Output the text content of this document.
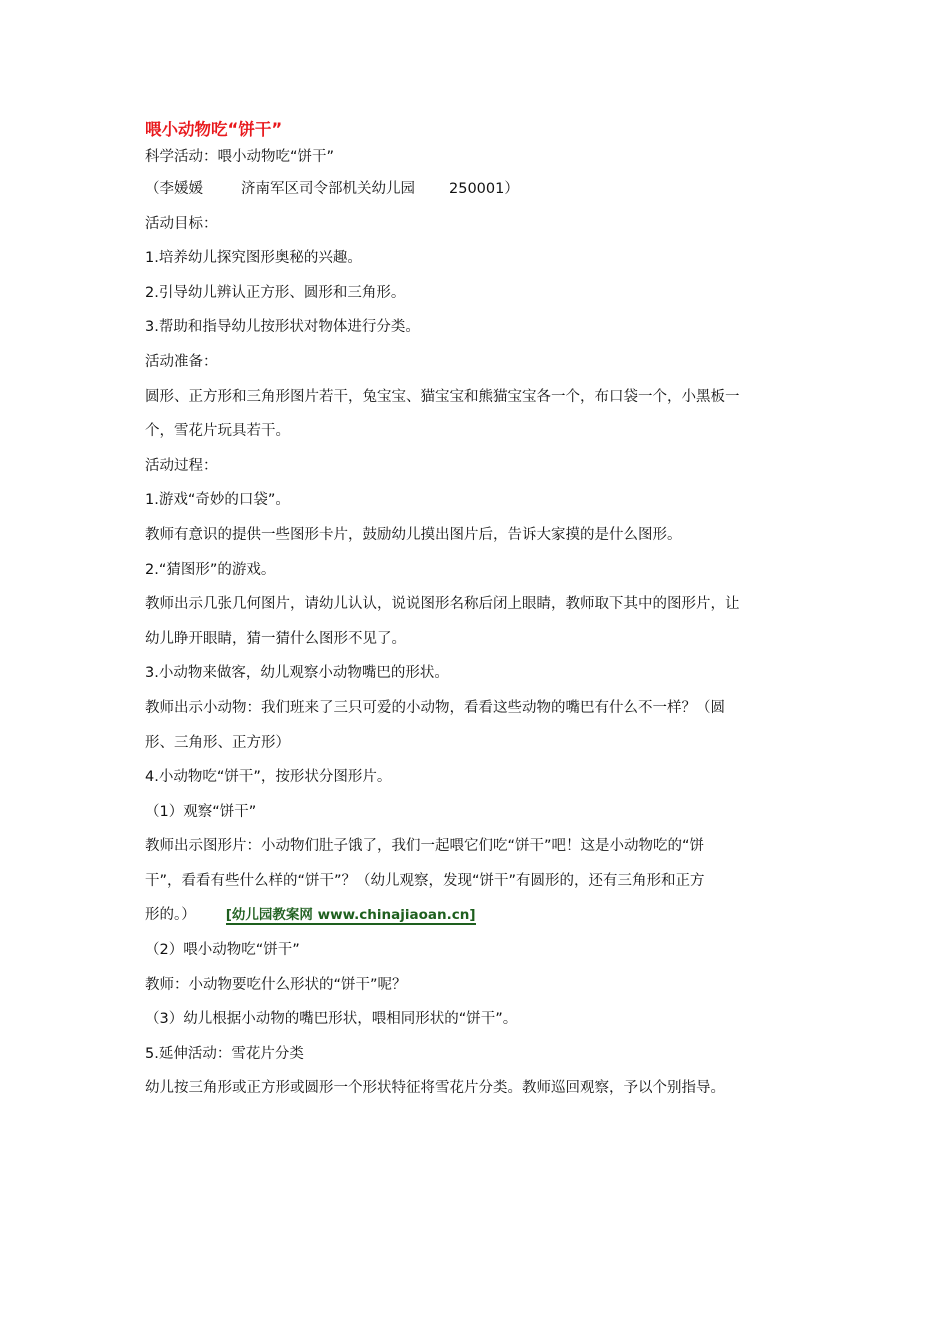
喂小动物吃“饼干”

科学活动：喂小动物吃“饼干”

（李媛媛	济南军区司令部机关幼儿园 250001）

活动目标：

1.培养幼儿探究图形奥秘的兴趣。

2.引导幼儿辨认正方形、圆形和三角形。

3.帮助和指导幼儿按形状对物体进行分类。

活动准备：

圆形、正方形和三角形图片若干，兔宝宝、猫宝宝和熊猫宝宝各一个，布口袋一个，小黑板一

个，雪花片玩具若干。

活动过程：

1.游戏“奇妙的口袋”。

教师有意识的提供一些图形卡片，鼓励幼儿摸出图片后，告诉大家摸的是什么图形。

2.“猜图形”的游戏。

教师出示几张几何图片，请幼儿认认，说说图形名称后闭上眼睛，教师取下其中的图形片，让

幼儿睁开眼睛，猜一猜什么图形不见了。

3.小动物来做客，幼儿观察小动物嘴巴的形状。

教师出示小动物：我们班来了三只可爱的小动物，看看这些动物的嘴巴有什么不一样？（圆

形、三角形、正方形）

4.小动物吃“饼干”，按形状分图形片。

（1）观察“饼干”

教师出示图形片：小动物们肚子饿了，我们一起喂它们吃“饼干”吧！这是小动物吃的“饼

干”，看看有些什么样的“饼干”？（幼儿观察，发现“饼干”有圆形的，还有三角形和正方

形的。） [幼儿园教案网 www.chinajiaoan.cn]

（2）喂小动物吃“饼干”

教师：小动物要吃什么形状的“饼干”呢？

（3）幼儿根据小动物的嘴巴形状，喂相同形状的“饼干”。

5.延伸活动：雪花片分类

幼儿按三角形或正方形或圆形一个形状特征将雪花片分类。教师巡回观察，予以个别指导。
